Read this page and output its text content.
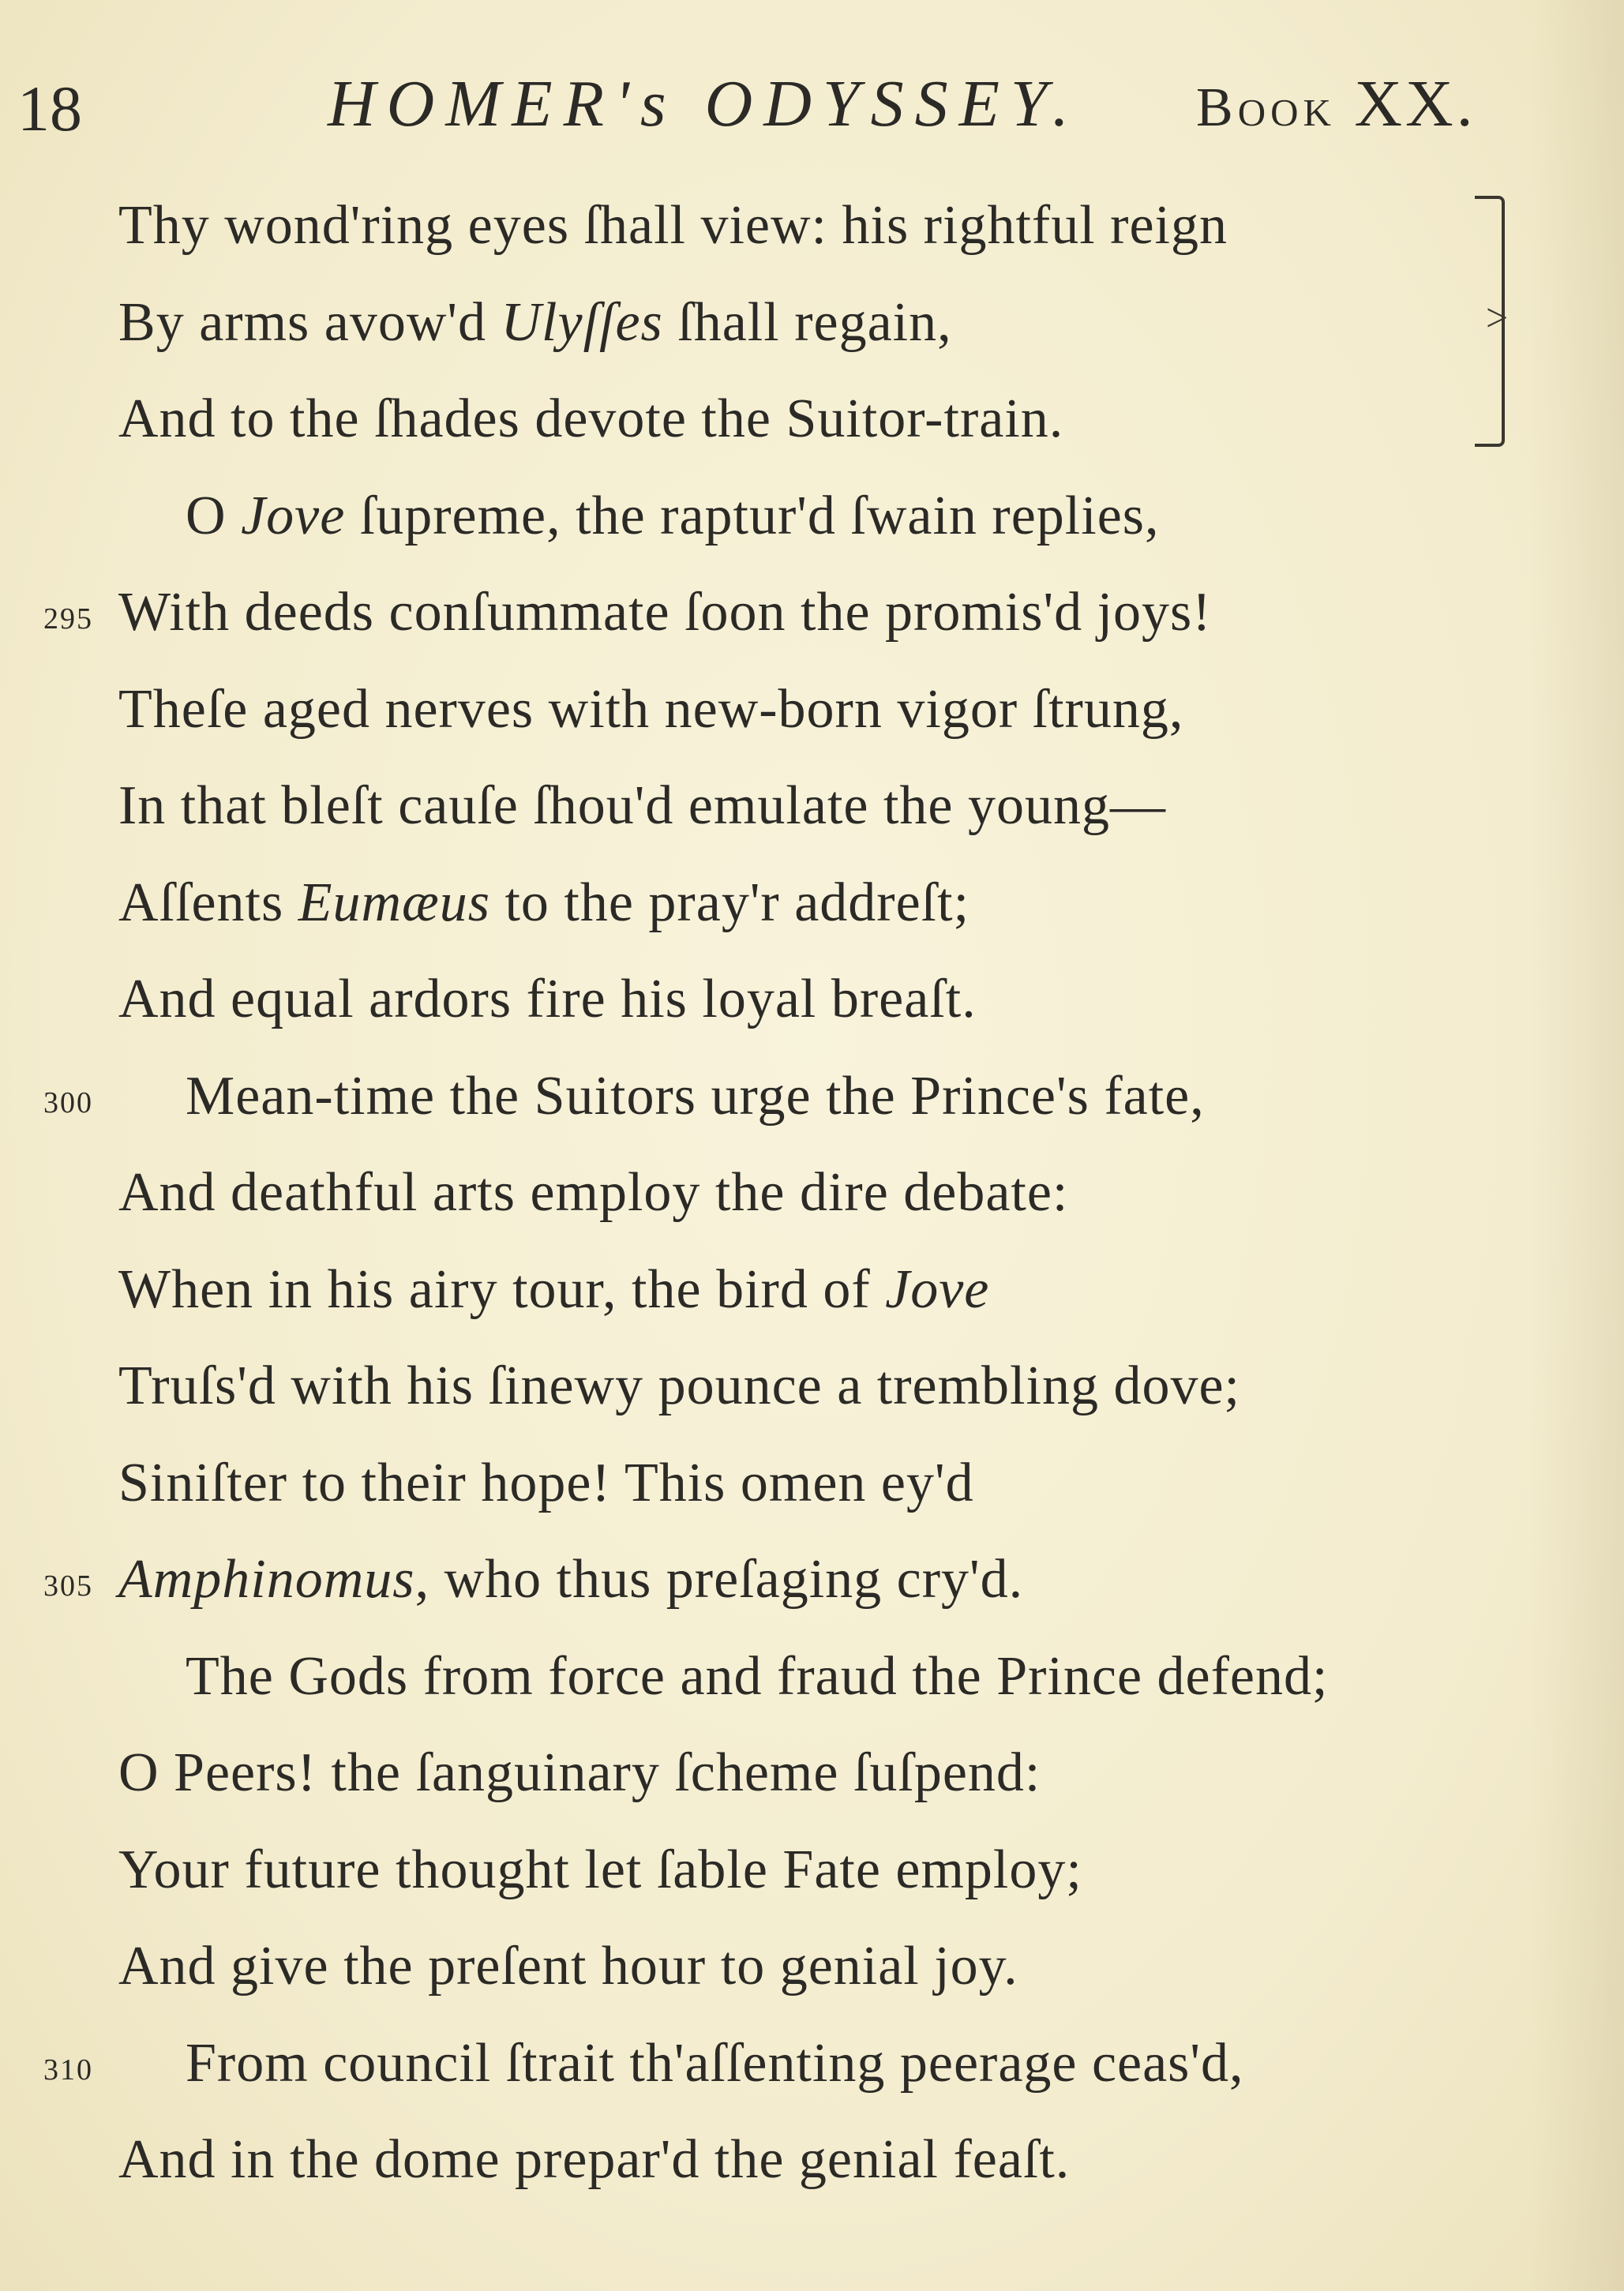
18	HOMER's ODYSSEY. Book XX.
>
Thy wond'ring eyes ſhall view: his rightful reign
By arms avow'd Ulyſſes ſhall regain,
And to the ſhades devote the Suitor-train.
O Jove ſupreme, the raptur'd ſwain replies,
295 With deeds conſummate ſoon the promis'd joys!
Theſe aged nerves with new-born vigor ſtrung,
In that bleſt cauſe ſhou'd emulate the young—
Aſſents Eumæus to the pray'r addreſt;
And equal ardors fire his loyal breaſt.
300 Mean-time the Suitors urge the Prince's fate,
And deathful arts employ the dire debate:
When in his airy tour, the bird of Jove
Truſs'd with his ſinewy pounce a trembling dove;
Siniſter to their hope! This omen ey'd
305 Amphinomus, who thus preſaging cry'd.
The Gods from force and fraud the Prince defend;
O Peers! the ſanguinary ſcheme ſuſpend:
Your future thought let ſable Fate employ;
And give the preſent hour to genial joy.
310 From council ſtrait th'aſſenting peerage ceas'd,
And in the dome prepar'd the genial feaſt.
